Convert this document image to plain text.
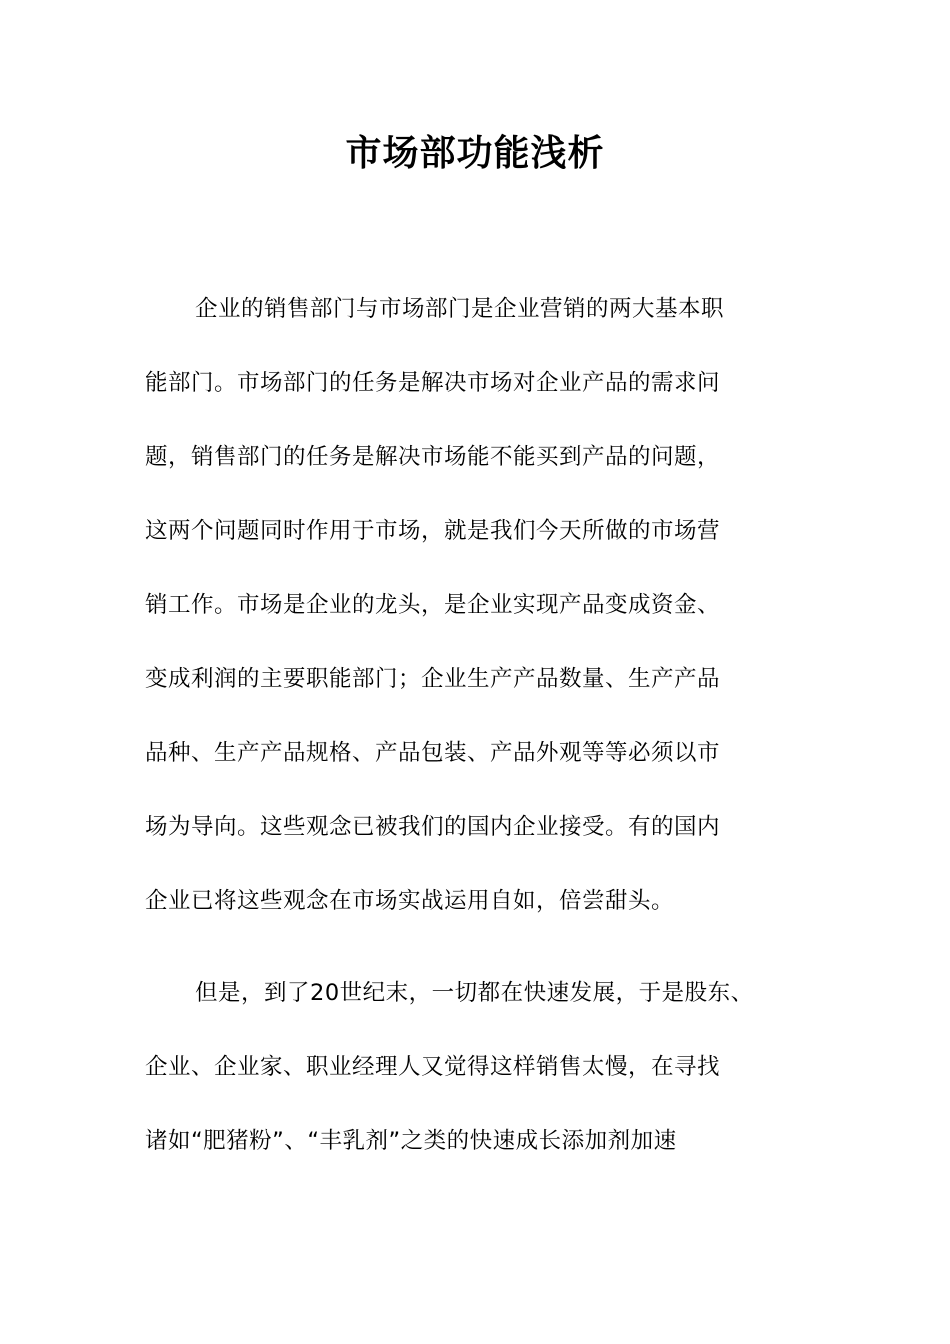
市场部功能浅析
企业的销售部门与市场部门是企业营销的两大基本职
能部门。市场部门的任务是解决市场对企业产品的需求问
题，销售部门的任务是解决市场能不能买到产品的问题，
这两个问题同时作用于市场，就是我们今天所做的市场营
销工作。市场是企业的龙头，是企业实现产品变成资金、
变成利润的主要职能部门；企业生产产品数量、生产产品
品种、生产产品规格、产品包装、产品外观等等必须以市
场为导向。这些观念已被我们的国内企业接受。有的国内
企业已将这些观念在市场实战运用自如，倍尝甜头。
但是，到了20世纪末，一切都在快速发展，于是股东、
企业、企业家、职业经理人又觉得这样销售太慢，在寻找
诸如“肥猪粉”、“丰乳剂”之类的快速成长添加剂加速
